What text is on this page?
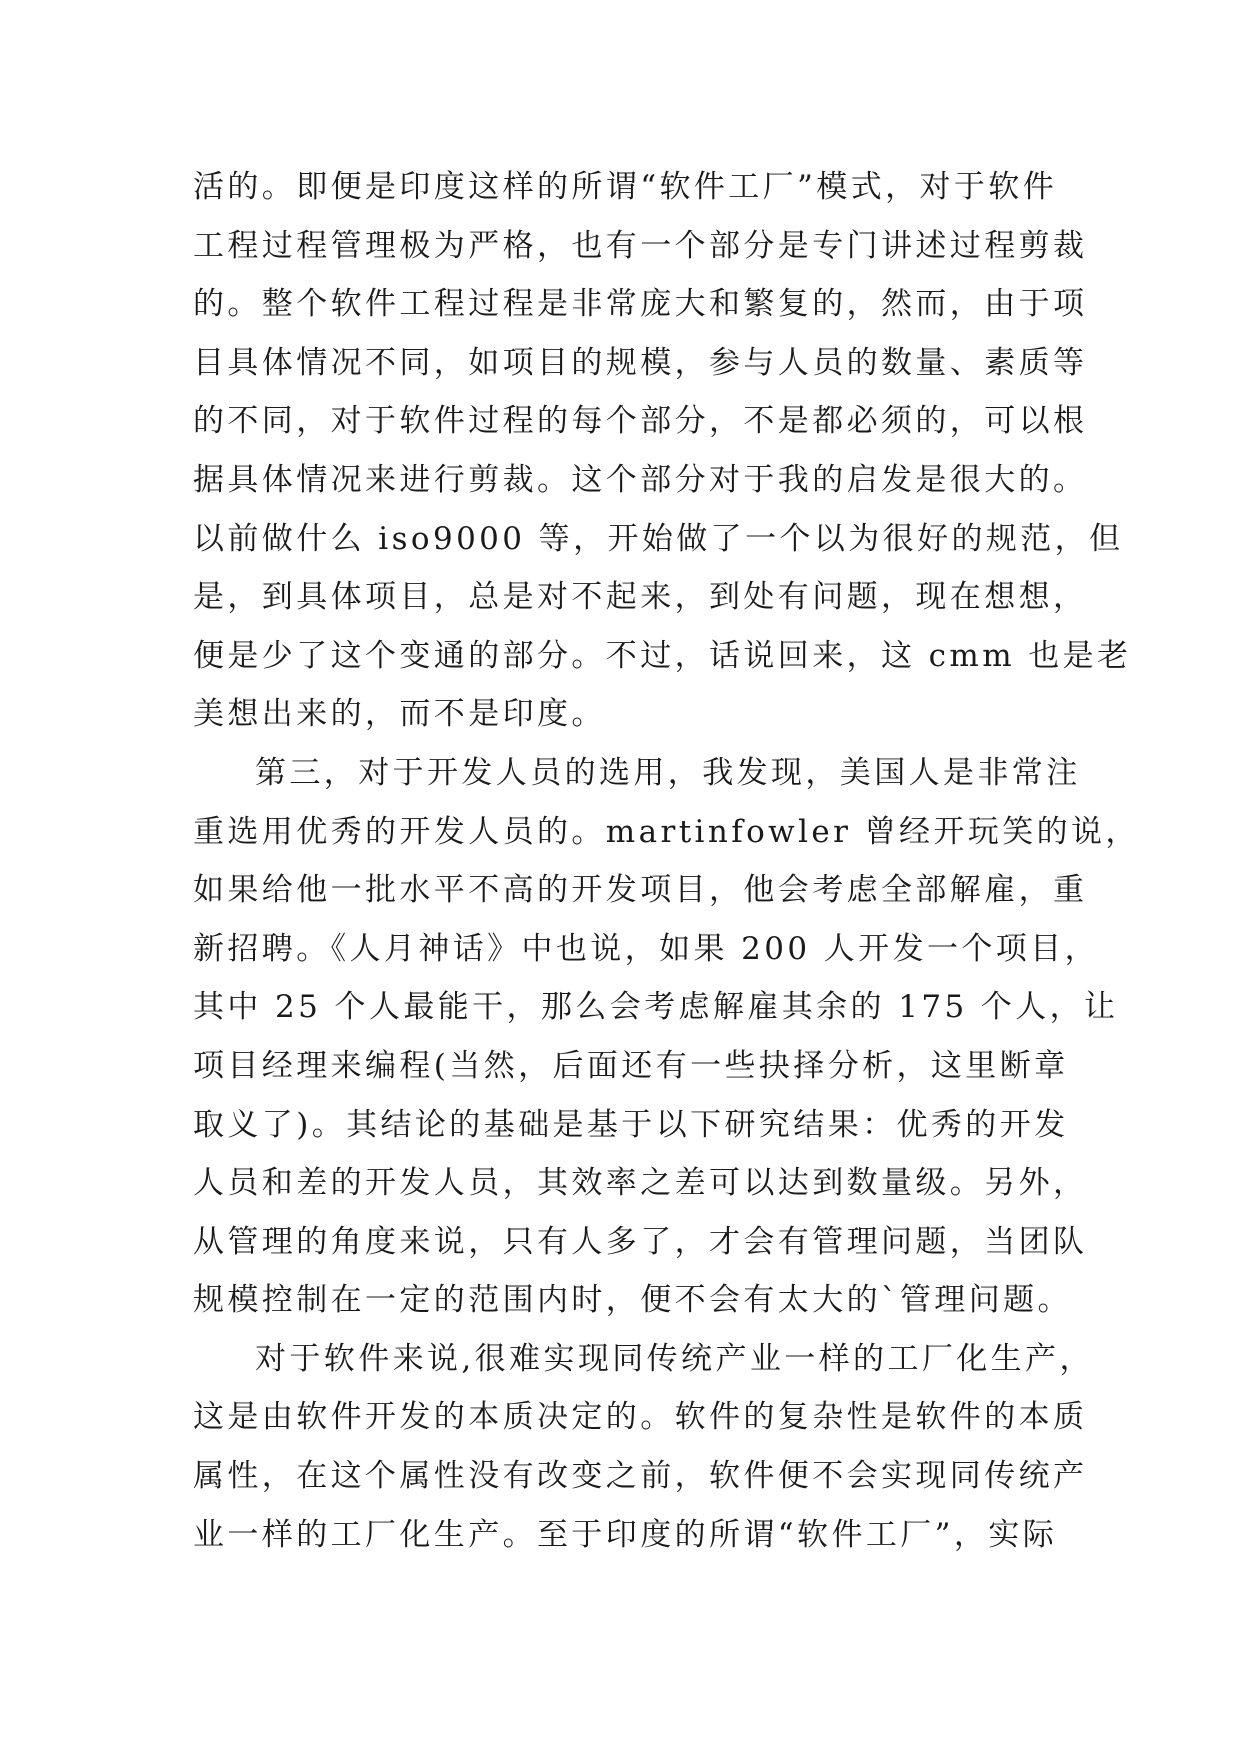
活的。即便是印度这样的所谓“软件工厂”模式，对于软件
工程过程管理极为严格，也有一个部分是专门讲述过程剪裁
的。整个软件工程过程是非常庞大和繁复的，然而，由于项
目具体情况不同，如项目的规模，参与人员的数量、素质等
的不同，对于软件过程的每个部分，不是都必须的，可以根
据具体情况来进行剪裁。这个部分对于我的启发是很大的。
以前做什么 iso9000 等，开始做了一个以为很好的规范，但
是，到具体项目，总是对不起来，到处有问题，现在想想，
便是少了这个变通的部分。不过，话说回来，这 cmm 也是老
美想出来的，而不是印度。
第三，对于开发人员的选用，我发现，美国人是非常注
重选用优秀的开发人员的。martinfowler 曾经开玩笑的说，
如果给他一批水平不高的开发项目，他会考虑全部解雇，重
新招聘。《人月神话》中也说，如果 200 人开发一个项目，
其中 25 个人最能干，那么会考虑解雇其余的 175 个人，让
项目经理来编程(当然，后面还有一些抉择分析，这里断章
取义了)。其结论的基础是基于以下研究结果：优秀的开发
人员和差的开发人员，其效率之差可以达到数量级。另外，
从管理的角度来说，只有人多了，才会有管理问题，当团队
规模控制在一定的范围内时，便不会有太大的`管理问题。
对于软件来说,很难实现同传统产业一样的工厂化生产，
这是由软件开发的本质决定的。软件的复杂性是软件的本质
属性，在这个属性没有改变之前，软件便不会实现同传统产
业一样的工厂化生产。至于印度的所谓“软件工厂”，实际
